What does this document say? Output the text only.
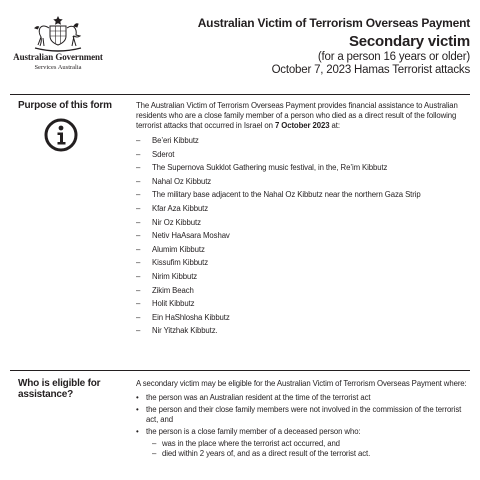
Australian Government
Services Australia
Australian Victim of Terrorism Overseas Payment
Secondary victim
(for a person 16 years or older)
October 7, 2023 Hamas Terrorist attacks
Purpose of this form	The Australian Victim of Terrorism Overseas Payment provides financial assistance to Australian residents who are a close family member of a person who died as a direct result of the following terrorist attacks that occurred in Israel on 7 October 2023 at:

– Be’eri Kibbutz
– Sderot
– The Supernova Sukklot Gathering music festival, in the, Re’im Kibbutz
– Nahal Oz Kibbutz
– The military base adjacent to the Nahal Oz Kibbutz near the northern Gaza Strip
– Kfar Aza Kibbutz
– Nir Oz Kibbutz
– Netiv HaAsara Moshav
– Alumim Kibbutz
– Kissufim Kibbutz
– Nirim Kibbutz
– Zikim Beach
– Holit Kibbutz
– Ein HaShlosha Kibbutz
– Nir Yitzhak Kibbutz.
Who is eligible for
assistance?

A secondary victim may be eligible for the Australian Victim of Terrorism Overseas Payment where:

• the person was an Australian resident at the time of the terrorist act
• the person and their close family members were not involved in the commission of the terrorist act, and
• the person is a close family member of a deceased person who:
– was in the place where the terrorist act occurred, and
– died within 2 years of, and as a direct result of the terrorist act.
